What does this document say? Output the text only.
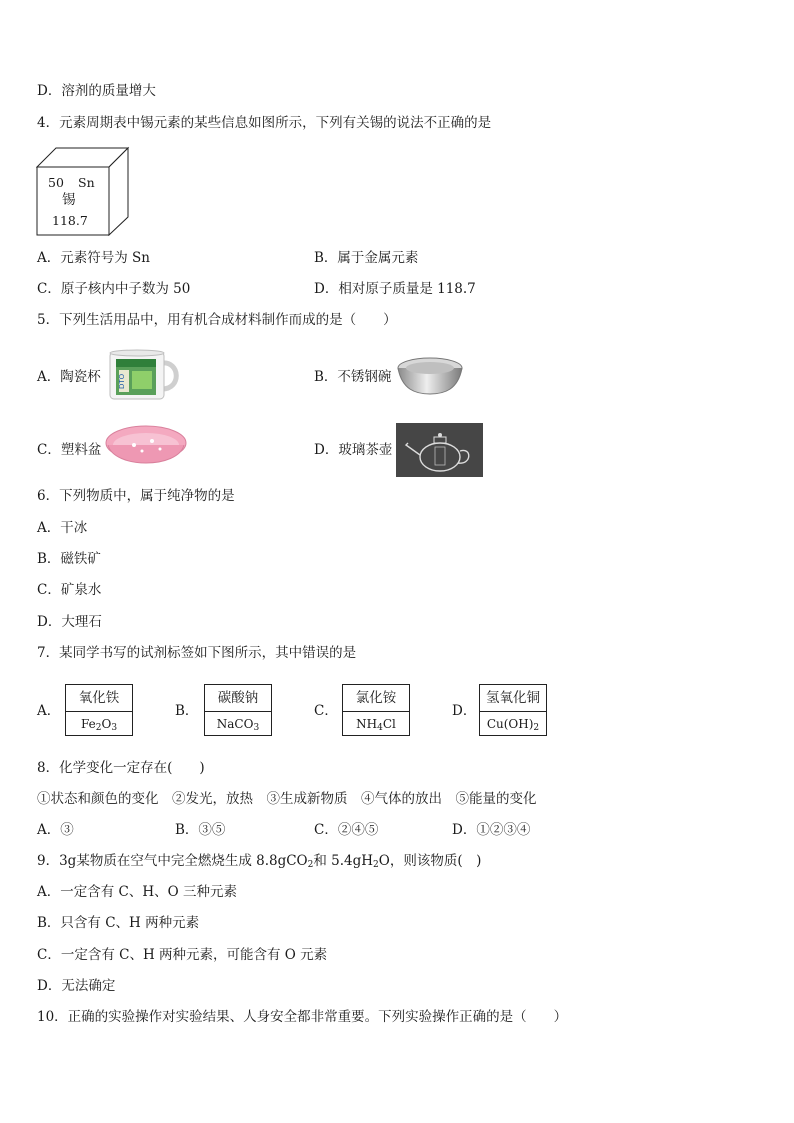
D．溶剂的质量增大
4．元素周期表中锡元素的某些信息如图所示，下列有关锡的说法不正确的是
50 Sn
锡
118.7
A．元素符号为 Sn	B．属于金属元素
C．原子核内中子数为 50	D．相对原子质量是 118.7
5．下列生活用品中，用有机合成材料制作而成的是（　　）
A．陶瓷杯 DTO	B．不锈钢碗
C．塑料盆	D．玻璃茶壶
6．下列物质中，属于纯净物的是
A．干冰
B．磁铁矿
C．矿泉水
D．大理石
7．某同学书写的试剂标签如下图所示，其中错误的是
A．
氧化铁
$Fe_2O_3$
B．
碳酸钠
NaCO$_3$
C．
氯化铵
$NH_4Cl$
D．
氢氧化铜
$Cu(OH)_2$
8．化学变化一定存在(　　)
①状态和颜色的变化　②发光，放热　③生成新物质　④气体的放出　⑤能量的变化
A．③	B．③⑤	C．②④⑤	D．①②③④
9．3g某物质在空气中完全燃烧生成 8.8gCO$_2$和 $5.4gH_2O$，则该物质(　)
A．一定含有 C、H、O 三种元素
B．只含有 C、H 两种元素
C．一定含有 C、H 两种元素，可能含有 O 元素
D．无法确定
10．正确的实验操作对实验结果、人身安全都非常重要。下列实验操作正确的是（　　）
